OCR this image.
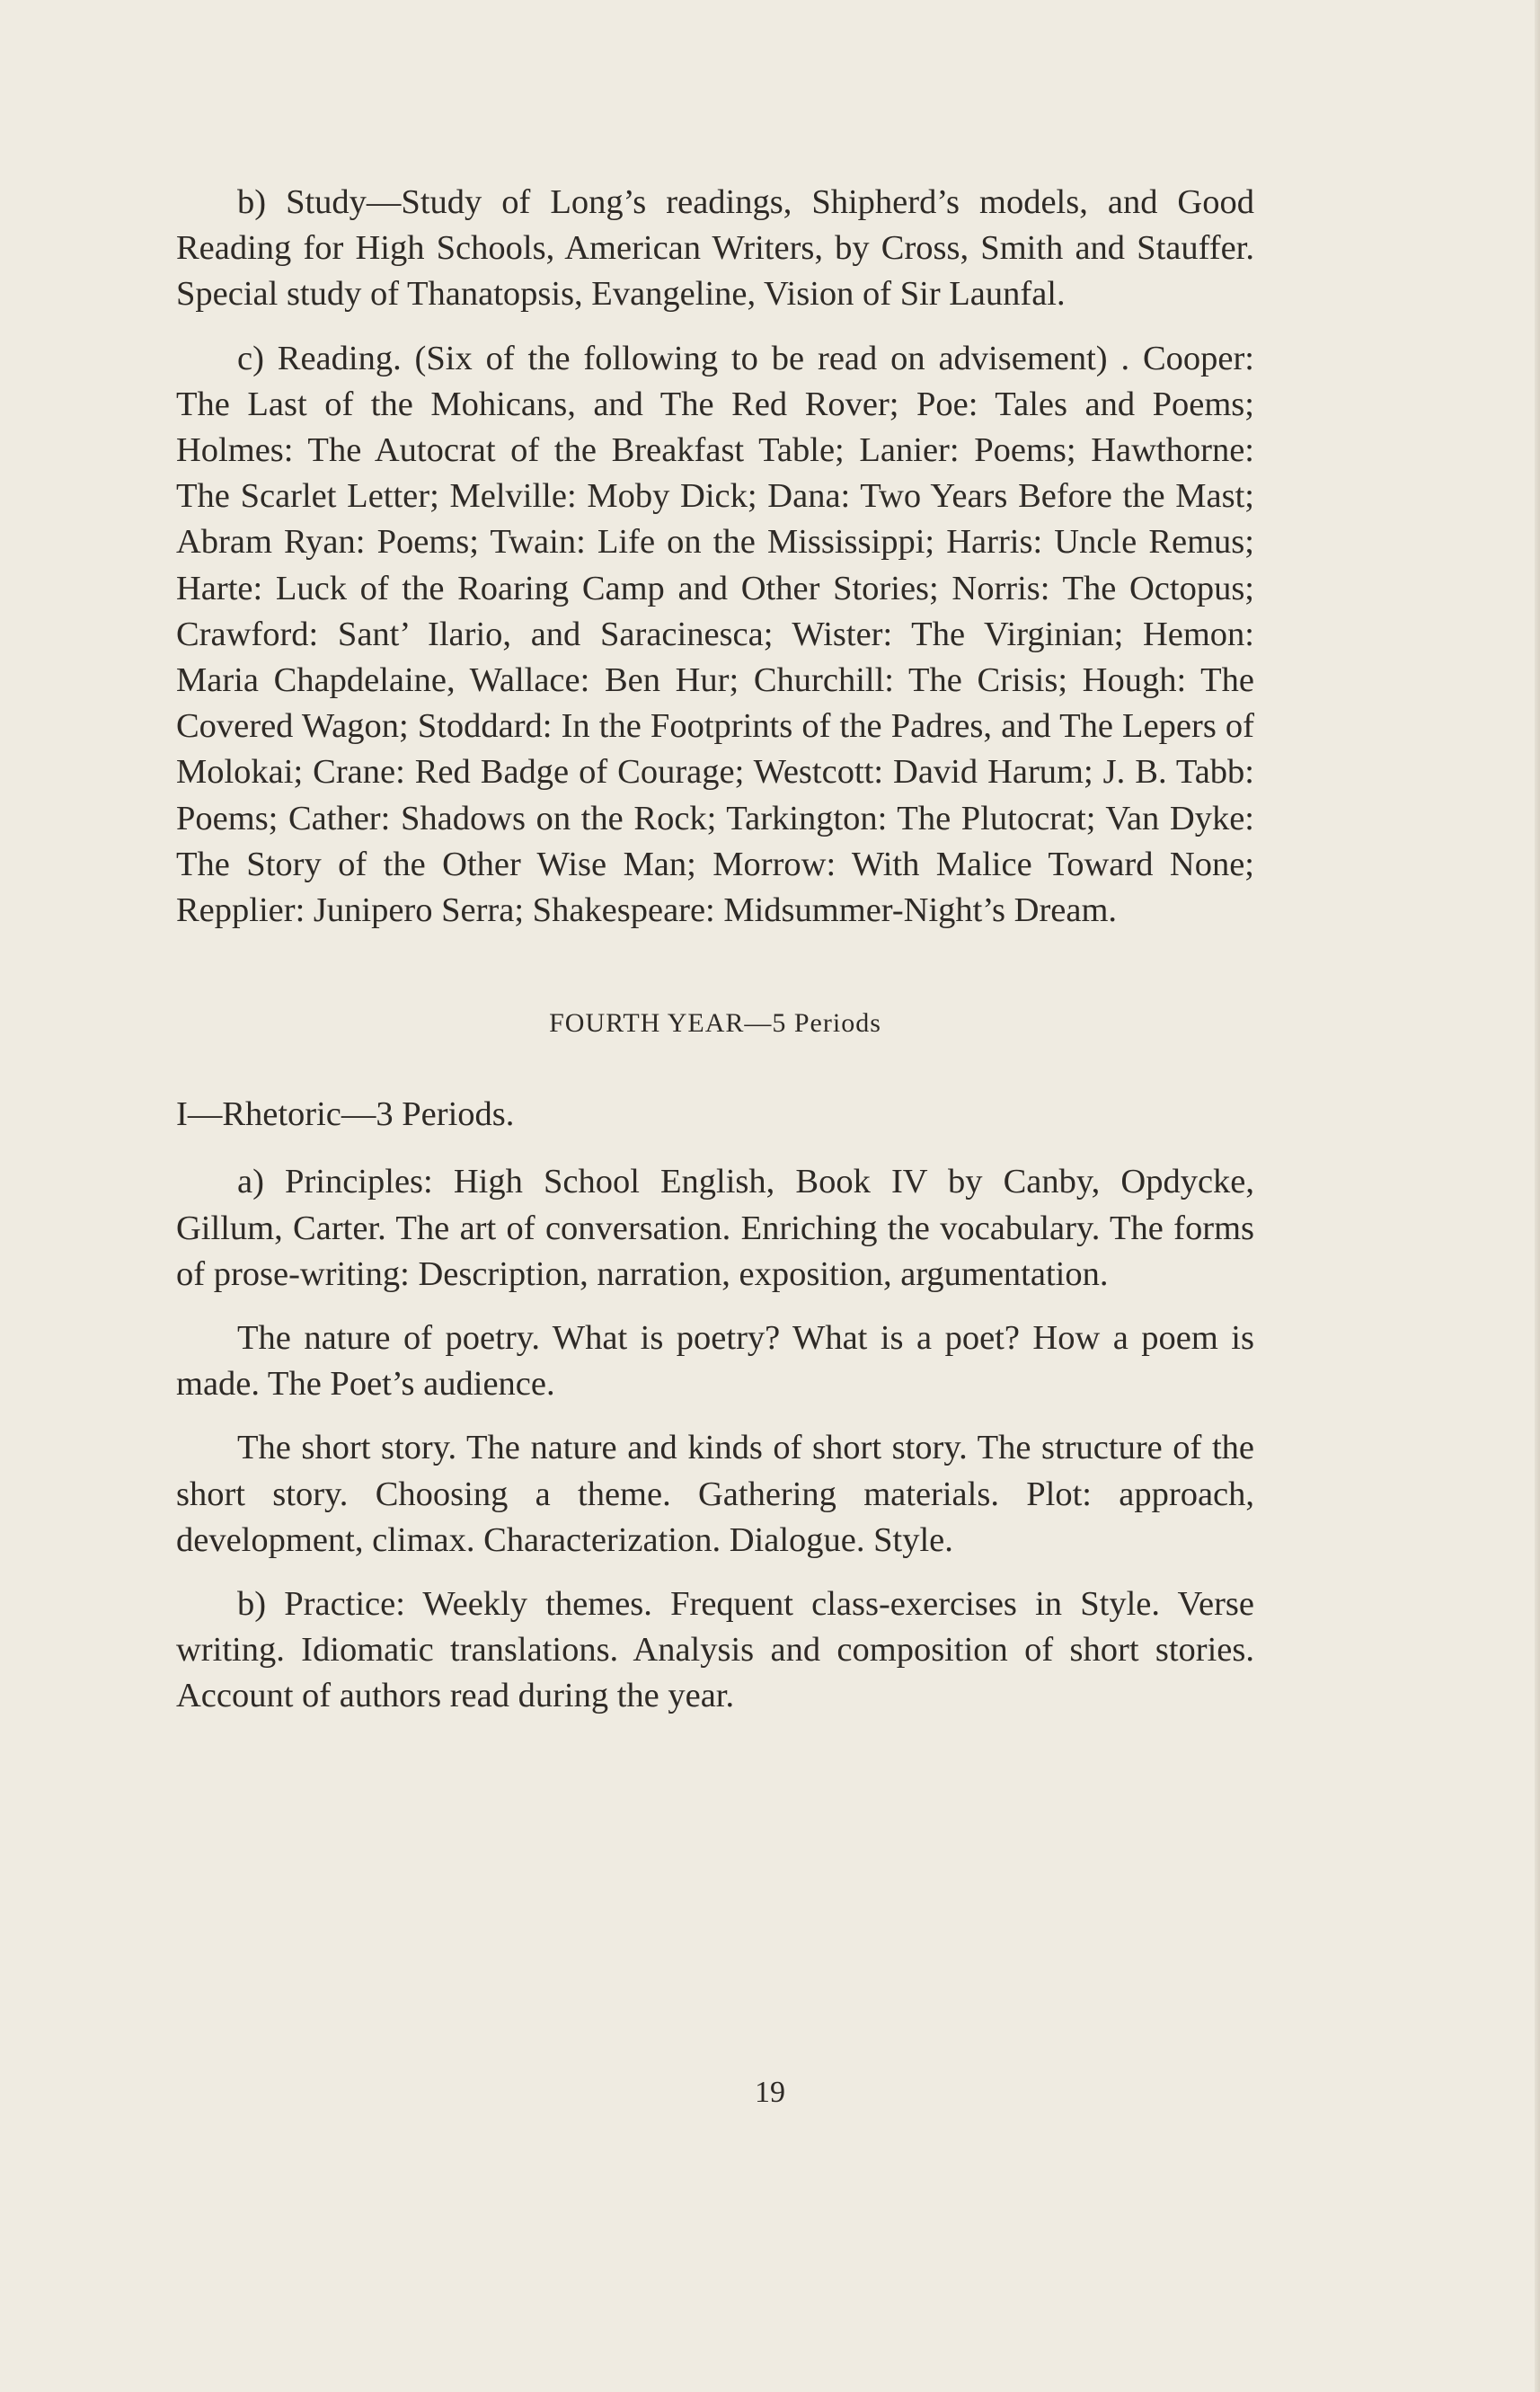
b) Study—Study of Long’s readings, Shipherd’s models, and Good Reading for High Schools, American Writers, by Cross, Smith and Stauffer. Special study of Thanatopsis, Evangeline, Vision of Sir Launfal.

c) Reading. (Six of the following to be read on advisement) . Cooper: The Last of the Mohicans, and The Red Rover; Poe: Tales and Poems; Holmes: The Autocrat of the Breakfast Table; Lanier: Poems; Hawthorne: The Scarlet Letter; Melville: Moby Dick; Dana: Two Years Before the Mast; Abram Ryan: Poems; Twain: Life on the Mississippi; Harris: Uncle Remus; Harte: Luck of the Roaring Camp and Other Stories; Norris: The Octopus; Crawford: Sant’ Ilario, and Saracinesca; Wister: The Virginian; Hemon: Maria Chapdelaine, Wallace: Ben Hur; Churchill: The Crisis; Hough: The Covered Wagon; Stoddard: In the Footprints of the Padres, and The Lepers of Molokai; Crane: Red Badge of Courage; Westcott: David Harum; J. B. Tabb: Poems; Cather: Shadows on the Rock; Tarkington: The Plutocrat; Van Dyke: The Story of the Other Wise Man; Morrow: With Malice Toward None; Repplier: Junipero Serra; Shakespeare: Midsummer-Night’s Dream.

FOURTH YEAR—5 Periods
I—Rhetoric—3 Periods.

a) Principles: High School English, Book IV by Canby, Opdycke, Gillum, Carter. The art of conversation. Enriching the vocabulary. The forms of prose-writing: Description, narration, exposition, argumentation.

The nature of poetry. What is poetry? What is a poet? How a poem is made. The Poet’s audience.

The short story. The nature and kinds of short story. The structure of the short story. Choosing a theme. Gathering materials. Plot: approach, development, climax. Characterization. Dialogue. Style.

b) Practice: Weekly themes. Frequent class-exercises in Style. Verse writing. Idiomatic translations. Analysis and composition of short stories. Account of authors read during the year.

19
